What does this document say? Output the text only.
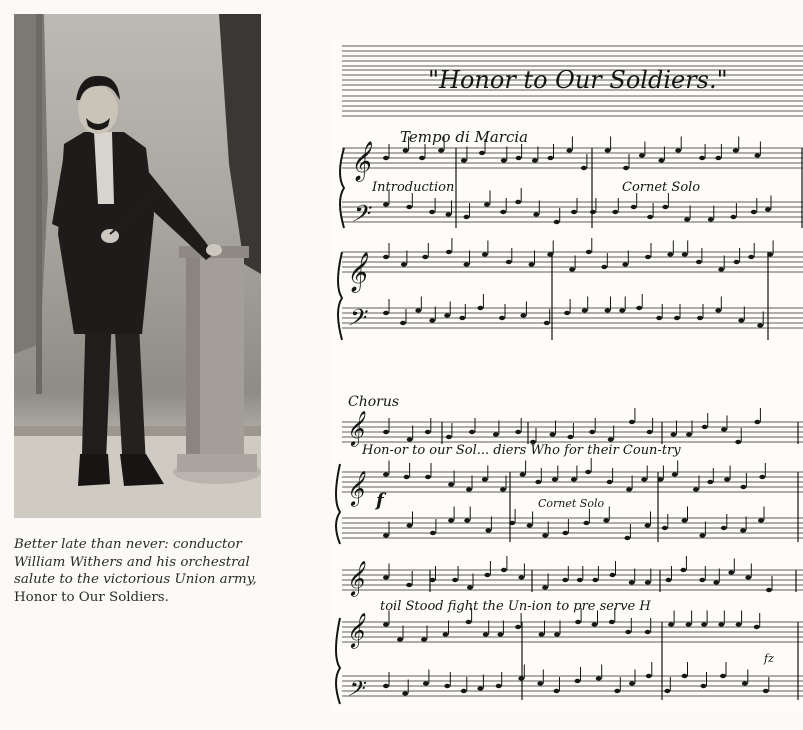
Better late than never: conductor
William Withers and his orchestral
salute to the victorious Union army,
Honor to Our Soldiers.
𝄞
𝄢
𝄞
𝄢
𝄞
𝄞
𝄞
𝄞
𝄢
"Honor to Our Soldiers."
Tempo di Marcia
Introduction	Cornet Solo
Chorus
Hon-or to our Sol... diers Who for their Coun-try
Cornet Solo
toil Stood fight the Un-ion to pre serve H
f
fz
